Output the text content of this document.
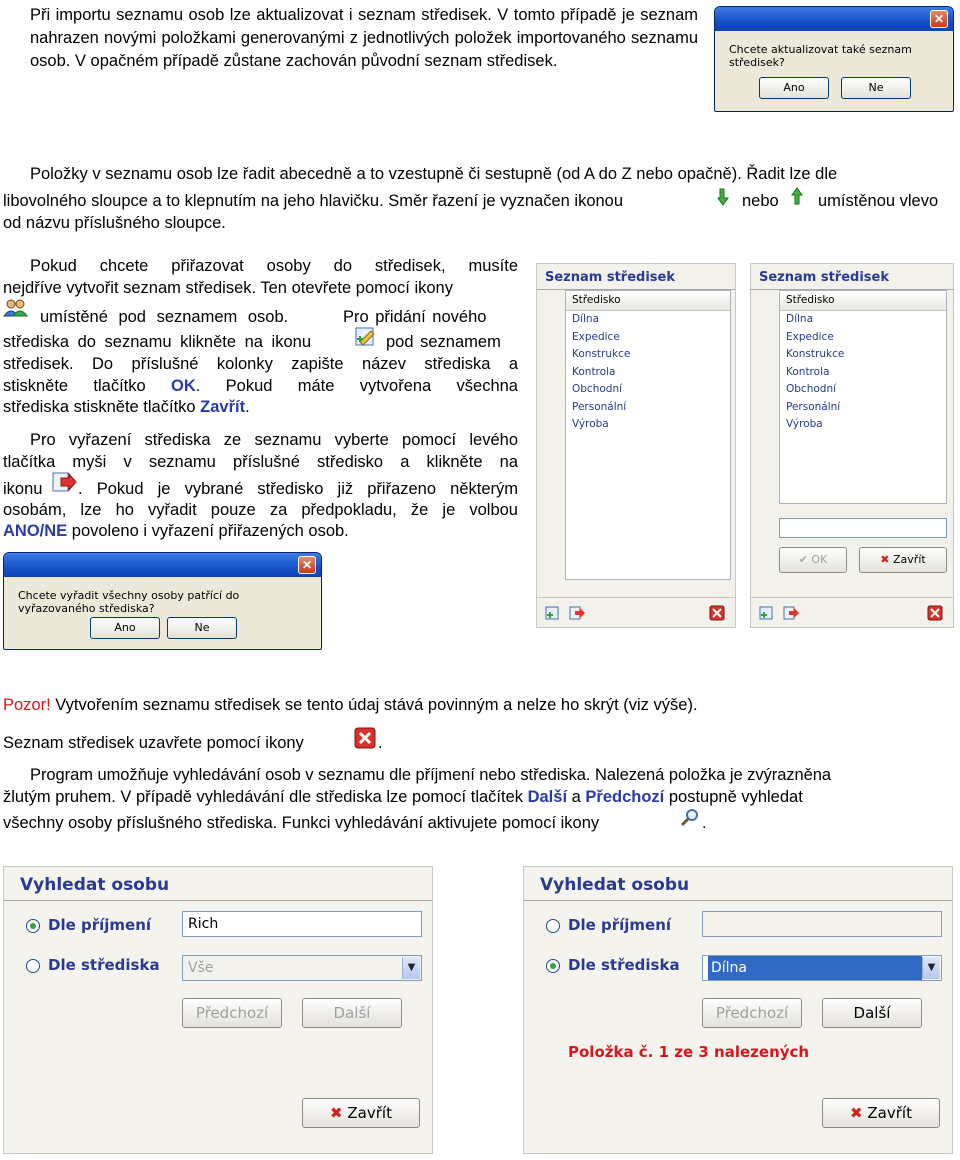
Při importu seznamu osob lze aktualizovat i seznam středisek. V tomto případě je seznam nahrazen novými položkami generovanými z jednotlivých položek importovaného seznamu osob. V opačném případě zůstane zachován původní seznam středisek.
✕
Chcete aktualizovat také seznam středisek?
Ano	Ne
Položky v seznamu osob lze řadit abecedně a to vzestupně či sestupně (od A do Z nebo opačně). Řadit lze dle
libovolného sloupce a to klepnutím na jeho hlavičku. Směr řazení je vyznačen ikonou	nebo umístěnou vlevo
od názvu příslušného sloupce.
Pokud chcete přiřazovat osoby do středisek, musíte
nejdříve vytvořit seznam středisek. Ten otevřete pomocí ikony
umístěné pod seznamem osob.	Pro přidání nového
střediska do seznamu klikněte na ikonu	pod seznamem
středisek. Do příslušné kolonky zapište název střediska a
stiskněte tlačítko OK. Pokud máte vytvořena všechna
střediska stiskněte tlačítko Zavřít.
Pro vyřazení střediska ze seznamu vyberte pomocí levého
tlačítka myši v seznamu příslušné středisko a klikněte na
ikonu . Pokud je vybrané středisko již přiřazeno některým
osobám, lze ho vyřadit pouze za předpokladu, že je volbou
ANO/NE povoleno i vyřazení přiřazených osob.
✕
Chcete vyřadit všechny osoby patřící do vyřazovaného střediska?
Ano	Ne
Seznam středisek
Středisko
Dílna
Expedice
Konstrukce
Kontrola
Obchodní
Personální
Výroba
Seznam středisek
Středisko
Dílna
Expedice
Konstrukce
Kontrola
Obchodní
Personální
Výroba
✔ OK	✖ Zavřít
Pozor! Vytvořením seznamu středisek se tento údaj stává povinným a nelze ho skrýt (viz výše).
Seznam středisek uzavřete pomocí ikony	.
Program umožňuje vyhledávání osob v seznamu dle příjmení nebo střediska. Nalezená položka je zvýrazněna
žlutým pruhem. V případě vyhledávání dle střediska lze pomocí tlačítek Další a Předchozí postupně vyhledat
všechny osoby příslušného střediska. Funkci vyhledávání aktivujete pomocí ikony	.
Vyhledat osobu
Dle příjmení	Rich
Dle střediska	Vše	▼
Předchozí	Další
✖ Zavřít
Vyhledat osobu
Dle příjmení
Dle střediska	Dílna	▼
Předchozí	Další
Položka č. 1 ze 3 nalezených
✖ Zavřít
